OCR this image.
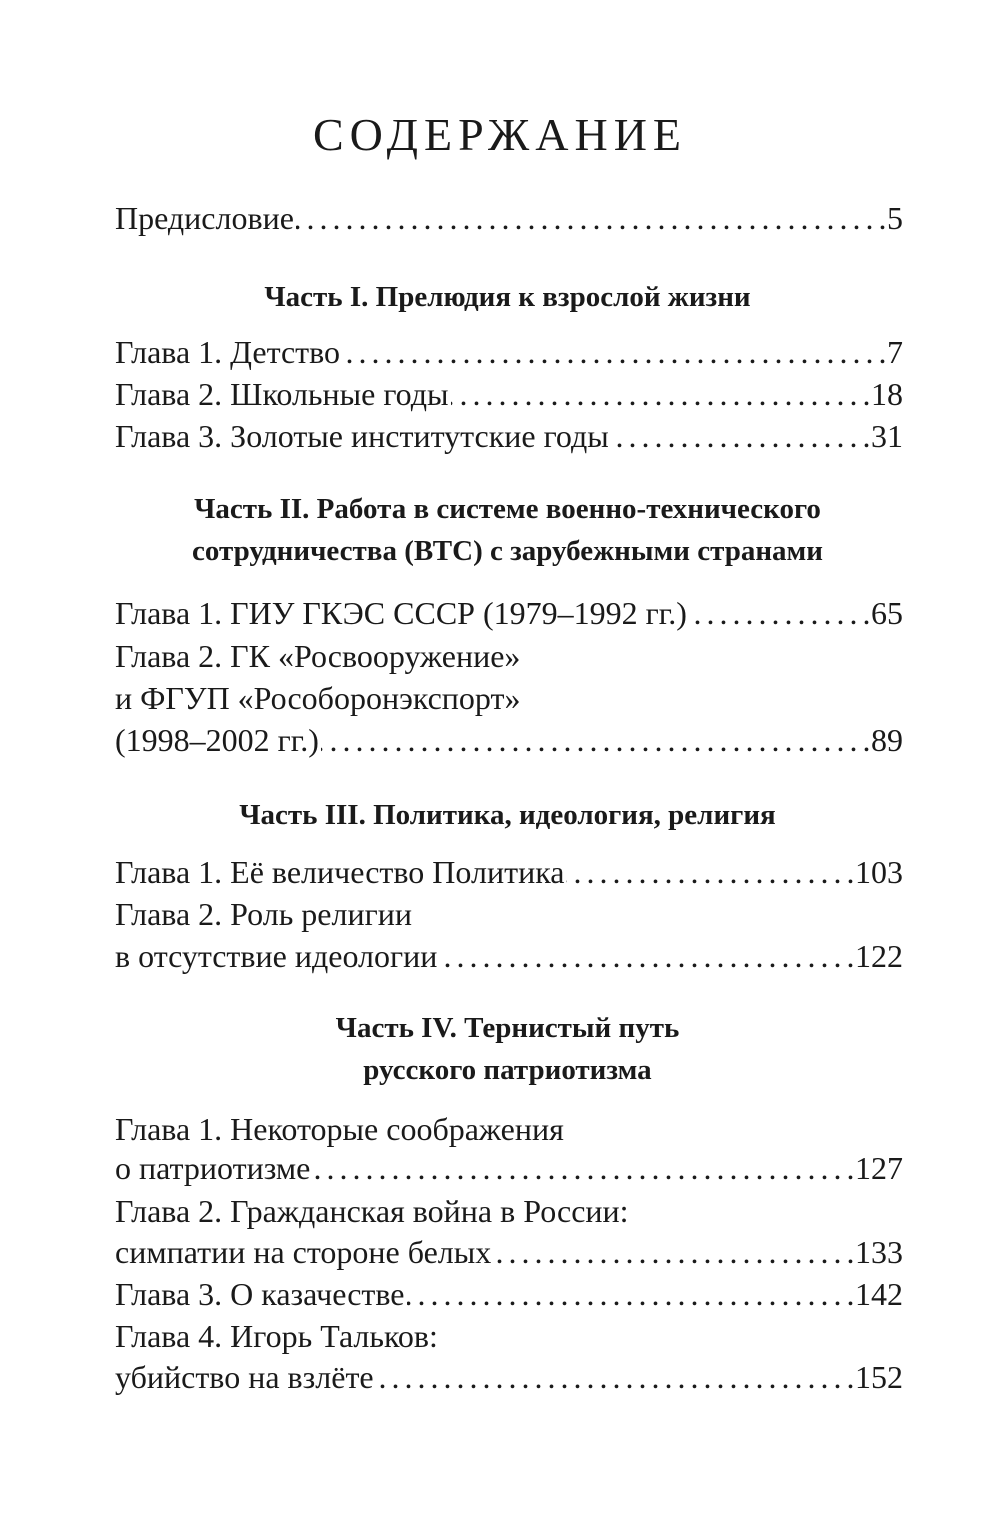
СОДЕРЖАНИЕ
Предисловие . . .	5
Часть I. Прелюдия к взрослой жизни
Глава 1. Детство . . .	7
Глава 2. Школьные годы . . .	18
Глава 3. Золотые институтские годы . . .	31
Часть II. Работа в системе военно-технического
сотрудничества (ВТС) с зарубежными странами
Глава 1. ГИУ ГКЭС СССР (1979–1992 гг.) . . .	65
Глава 2. ГК «Росвооружение»
и ФГУП «Рособоронэкспорт»
(1998–2002 гг.) . . .	89
Часть III. Политика, идеология, религия
Глава 1. Её величество Политика . . .	103
Глава 2. Роль религии
в отсутствие идеологии . . .	122
Часть IV. Тернистый путь
русского патриотизма
Глава 1. Некоторые соображения
о патриотизме . . .	127
Глава 2. Гражданская война в России:
симпатии на стороне белых . . .	133
Глава 3. О казачестве . . .	142
Глава 4. Игорь Тальков:
убийство на взлёте . . .	152
